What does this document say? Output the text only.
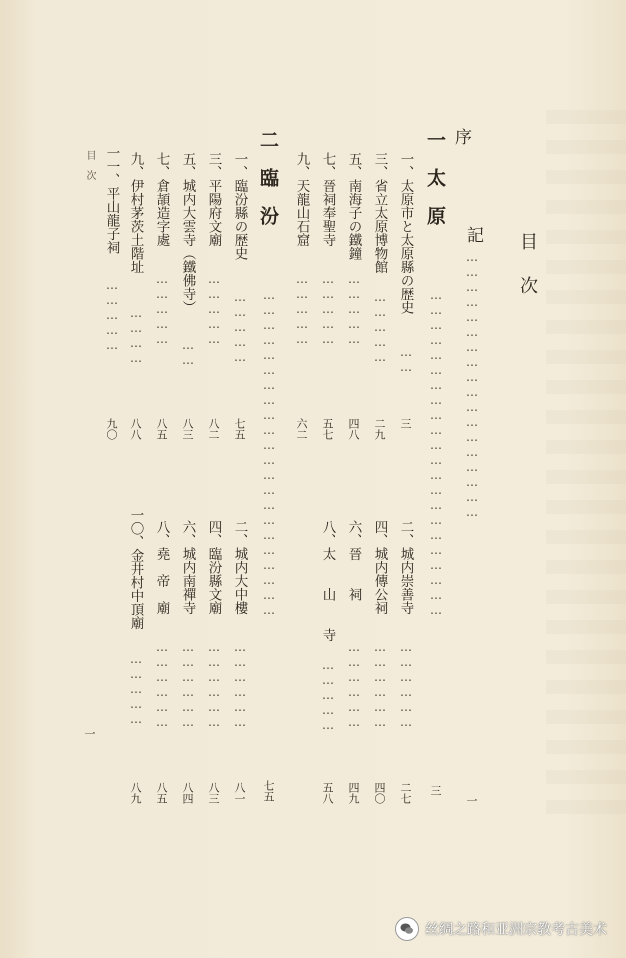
目　次
序
記
………………………………………………
一
一　太　原
…………………………………………………………
三
一、太原市と太原縣の歴史
……
三
三、省立太原博物館
……………
二九
五、南海子の鐵鐘
……………
四八
七、晉祠奉聖寺
……………
五七
九、天龍山石窟
……………
六二
二、城内崇善寺
………………
二七
四、城内傳公祠
………………
四〇
六、晉　　祠
………………
四九
八、太　　山　　寺
……………
五八
二　臨　汾
…………………………………………………………
七五
一、臨汾縣の歴史
……………
七五
三、平陽府文廟
……………
八二
五、城内大雲寺（鐵佛寺）
……
八三
七、倉頡造字處
……………
八五
九、伊村茅茨土階址
…………
八八
一一、平山龍子祠
……………
九〇
二、城内大中樓
………………
八一
四、臨汾縣文廟
………………
八三
六、城内南禪寺
………………
八四
八、堯　帝　廟
………………
八五
一〇、金井村中頂廟
……………
八九
目　次
一
丝绸之路和亚洲宗教考古美术
